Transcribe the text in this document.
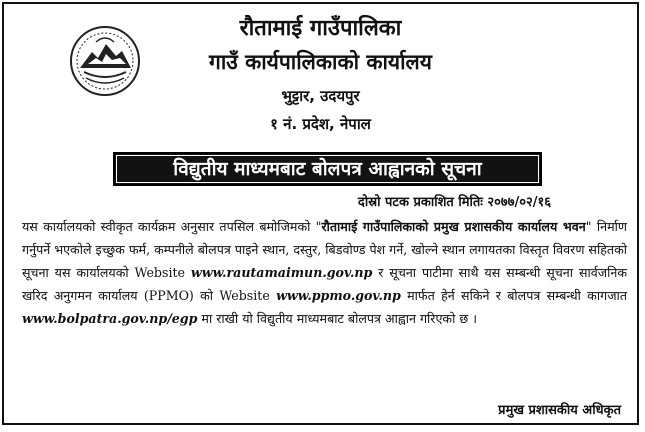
रौतामाई गाउँपालिका
गाउँ कार्यपालिकाको कार्यालय
भुट्टार, उदयपुर
१ नं. प्रदेश, नेपाल
विद्युतीय माध्यमबाट बोलपत्र आह्वानको सूचना
दोस्रो पटक प्रकाशित मितिः २०७७/०२/१६
यस कार्यालयको स्वीकृत कार्यक्रम अनुसार तपसिल बमोजिमको "रौतामाई गाउँपालिकाको प्रमुख प्रशासकीय कार्यालय भवन" निर्माण गर्नुपर्ने भएकोले इच्छुक फर्म, कम्पनीले बोलपत्र पाइने स्थान, दस्तुर, बिडवोण्ड पेश गर्ने, खोल्ने स्थान लगायतका विस्तृत विवरण सहितको सूचना यस कार्यालयको Website www.rautamaimun.gov.np र सूचना पाटीमा साथै यस सम्बन्धी सूचना सार्वजनिक खरिद अनुगमन कार्यालय (PPMO) को Website www.ppmo.gov.np मार्फत हेर्न सकिने र बोलपत्र सम्बन्धी कागजात www.bolpatra.gov.np/egp मा राखी यो विद्युतीय माध्यमबाट बोलपत्र आह्वान गरिएको छ ।
प्रमुख प्रशासकीय अधिकृत
